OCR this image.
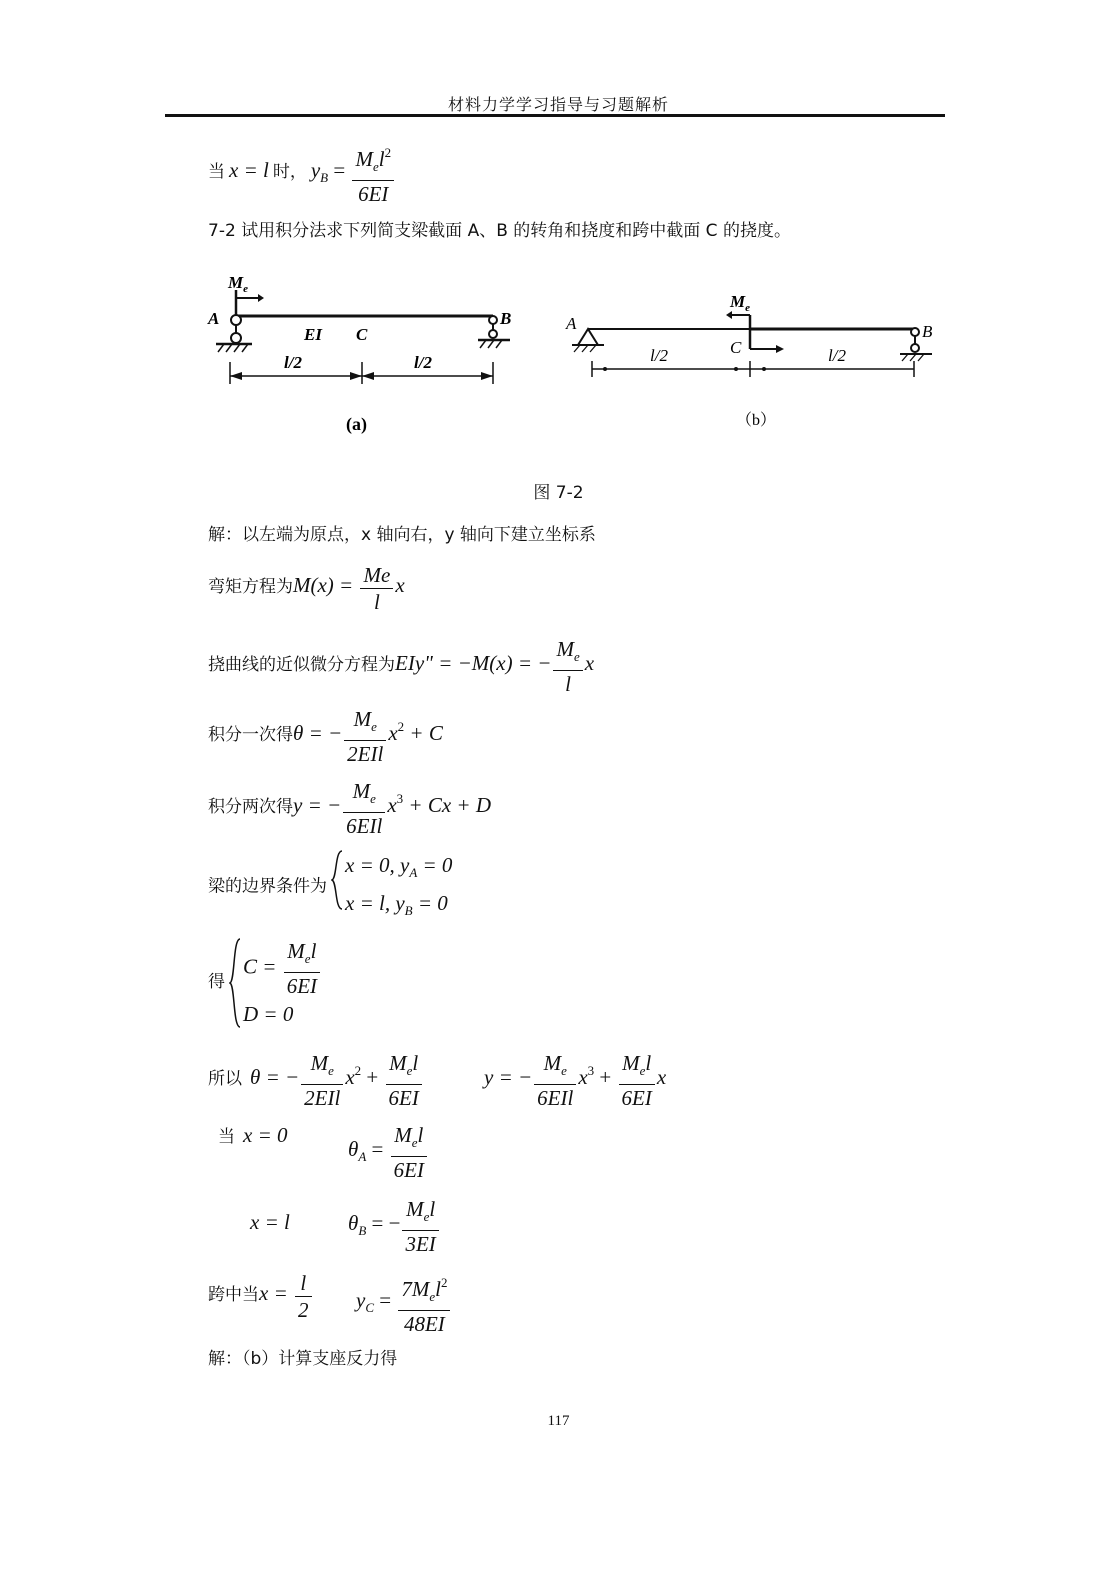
材料力学学习指导与习题解析
当 x = l 时， $y_B = \frac{M_el^2}{6EI}$
7-2 试用积分法求下列简支梁截面 A、B 的转角和挠度和跨中截面 C 的挠度。
$M_e$
A	B
EI C
l/2	l/2
(a)
$M_e$
A	B
C
l/2	l/2
（b）
图 7-2
解：以左端为原点，x 轴向右，y 轴向下建立坐标系
弯矩方程为$M(x) = \frac{Me}{l}$ x
挠曲线的近似微分方程为EIy" = −M(x) = − $\frac{M_e}{l}$ x
积分一次得θ = − $\frac{M_e}{\text{2EIl}} x^2 + C$
积分两次得y = − $\frac{M_e}{\text{6EIl}} x^3 + Cx + D$
梁的边界条件为
x = 0, $y_A = 0$
x = l, $y_B = 0$
得
$C = \frac{M_el}{6EI}$
D = 0
所以 θ = − $\frac{M_e}{\text{2EIl}} x^2 + \frac{M_el}{6EI}$	y = − $\frac{M_e}{\text{6EIl}} x^3 + \frac{M_el}{6EI}$ x
当 x = 0
$\theta_A = \frac{M_el}{6EI}$
x = l	$\theta_B$ = − $\frac{M_el}{3EI}$
跨中当$x = \frac{l}{2} y_C = \frac{7M_el^2}{48EI}$
解：（b）计算支座反力得
117
